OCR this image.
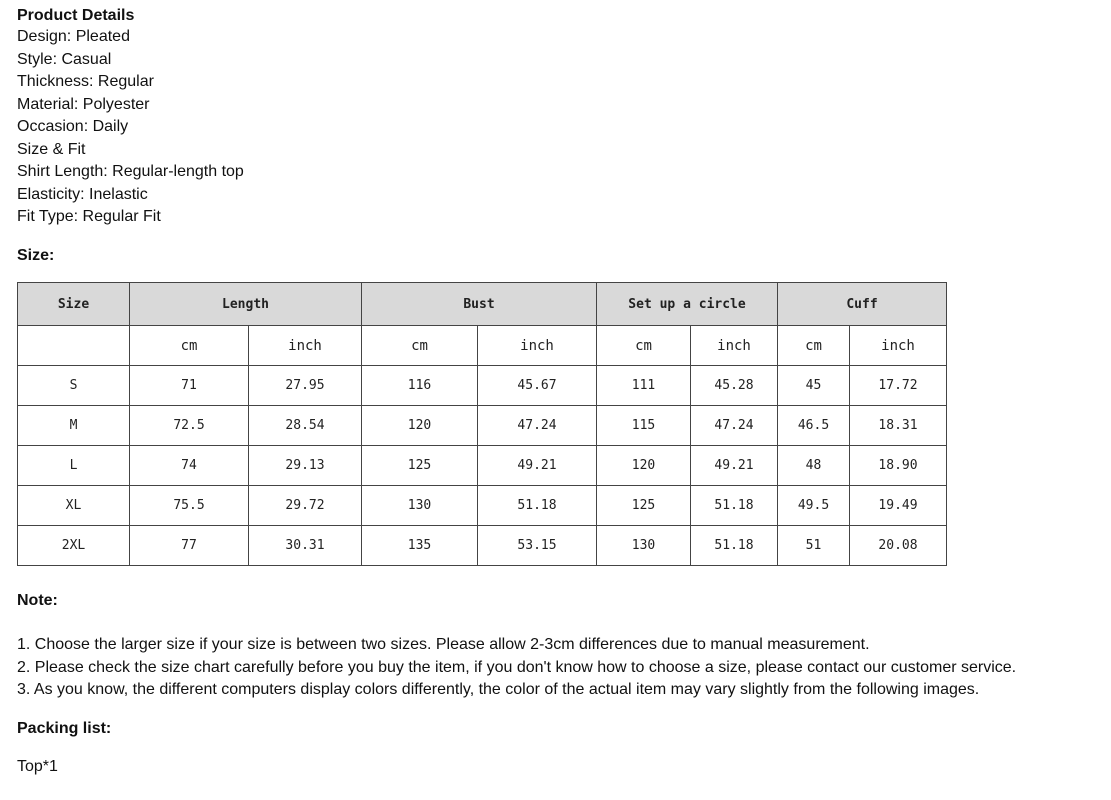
Product Details

Design: Pleated

Style: Casual

Thickness: Regular

Material: Polyester

Occasion: Daily

Size & Fit

Shirt Length: Regular-length top

Elasticity: Inelastic

Fit Type: Regular Fit

Size:
Size	Length		Bust		Set up a circle		Cuff	
	cm	inch	cm	inch	cm	inch	cm	inch
S	71	27.95	116	45.67	111	45.28	45	17.72
M	72.5	28.54	120	47.24	115	47.24	46.5	18.31
L	74	29.13	125	49.21	120	49.21	48	18.90
XL	75.5	29.72	130	51.18	125	51.18	49.5	19.49
2XL	77	30.31	135	53.15	130	51.18	51	20.08
Note:

1. Choose the larger size if your size is between two sizes. Please allow 2-3cm differences due to manual measurement.

2. Please check the size chart carefully before you buy the item, if you don't know how to choose a size, please contact our customer service.

3. As you know, the different computers display colors differently, the color of the actual item may vary slightly from the following images.

Packing list:
Top*1
